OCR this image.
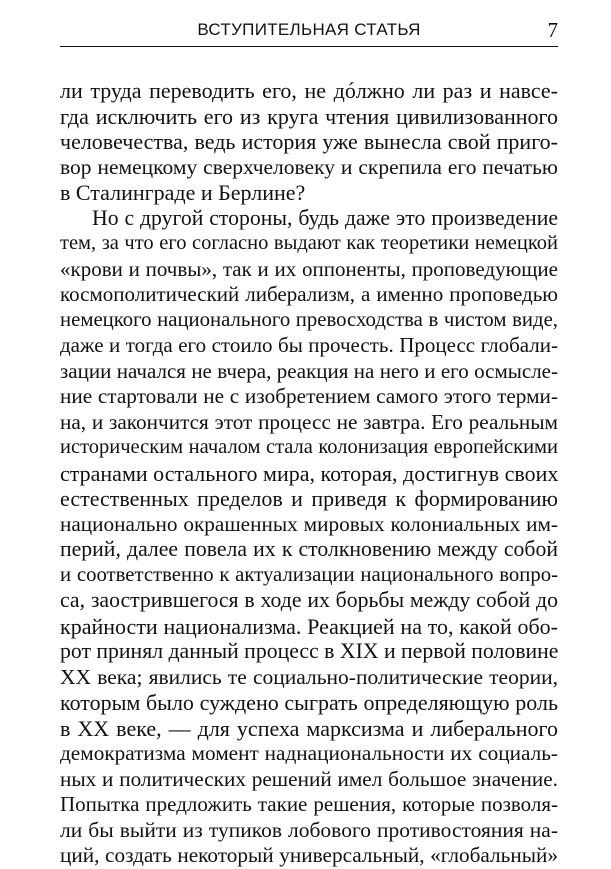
ВСТУПИТЕЛЬНАЯ СТАТЬЯ	7
ли труда переводить его, не дóлжно ли раз и навсе-
гда исключить его из круга чтения цивилизованного
человечества, ведь история уже вынесла свой приго-
вор немецкому сверхчеловеку и скрепила его печатью
в Сталинграде и Берлине?
Но с другой стороны, будь даже это произведение
тем, за что его согласно выдают как теоретики немецкой
«крови и почвы», так и их оппоненты, проповедующие
космополитический либерализм, а именно проповедью
немецкого национального превосходства в чистом виде,
даже и тогда его стоило бы прочесть. Процесс глобали-
зации начался не вчера, реакция на него и его осмысле-
ние стартовали не с изобретением самого этого терми-
на, и закончится этот процесс не завтра. Его реальным
историческим началом стала колонизация европейскими
странами остального мира, которая, достигнув своих
естественных пределов и приведя к формированию
национально окрашенных мировых колониальных им-
перий, далее повела их к столкновению между собой
и соответственно к актуализации национального вопро-
са, заострившегося в ходе их борьбы между собой до
крайности национализма. Реакцией на то, какой обо-
рот принял данный процесс в XIX и первой половине
XX века; явились те социально-политические теории,
которым было суждено сыграть определяющую роль
в XX веке, — для успеха марксизма и либерального
демократизма момент наднациональности их социаль-
ных и политических решений имел большое значение.
Попытка предложить такие решения, которые позволя-
ли бы выйти из тупиков лобового противостояния на-
ций, создать некоторый универсальный, «глобальный»
